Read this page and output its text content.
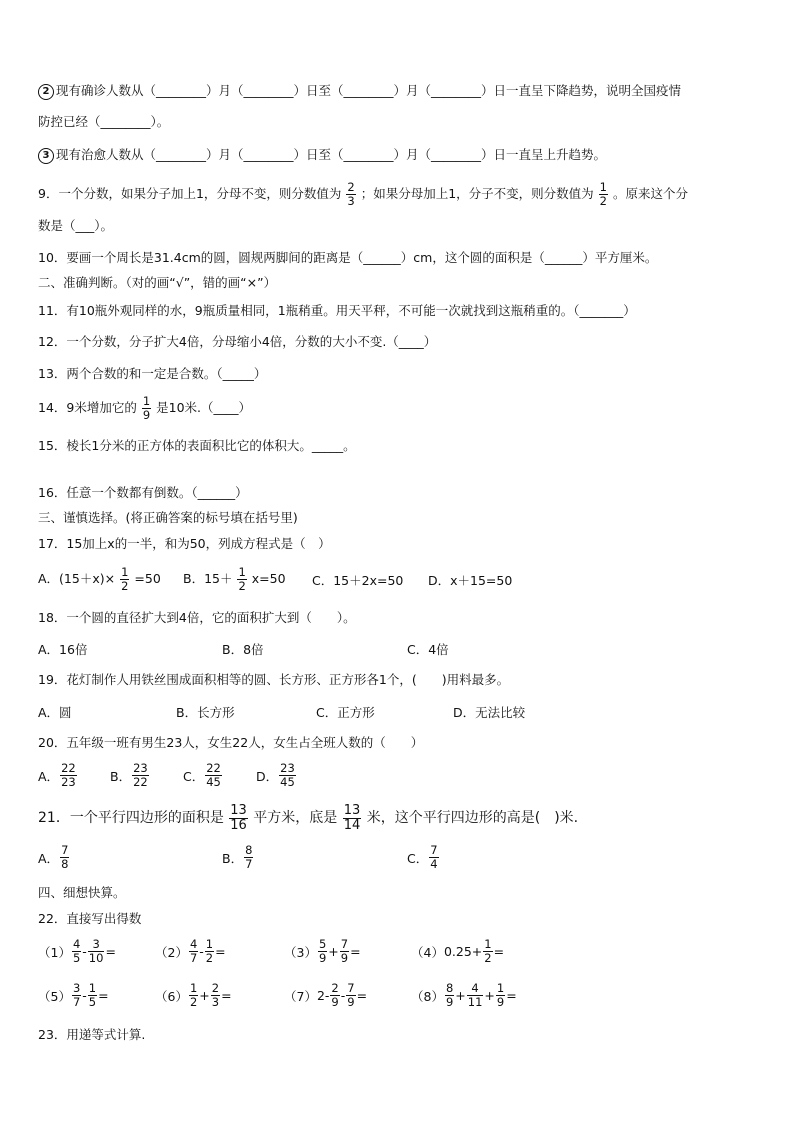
2 现有确诊人数从（________）月（________）日至（________）月（________）日一直呈下降趋势，说明全国疫情
防控已经（________）。
3 现有治愈人数从（________）月（________）日至（________）月（________）日一直呈上升趋势。
9．一个分数，如果分子加上1，分母不变，则分数值为 $\frac{2}{3}$ ；如果分母加上1，分子不变，则分数值为 $\frac{1}{2}$ 。原来这个分
数是（___）。
10．要画一个周长是31.4cm的圆，圆规两脚间的距离是（______）cm，这个圆的面积是（______）平方厘米。
二、准确判断。（对的画“√”，错的画“×”）
11．有10瓶外观同样的水，9瓶质量相同，1瓶稍重。用天平秤，不可能一次就找到这瓶稍重的。（_______）
12．一个分数，分子扩大4倍，分母缩小4倍，分数的大小不变.（____）
13．两个合数的和一定是合数。（_____）
14．9米增加它的 $\frac{1}{9}$ 是10米.（____）
15．棱长1分米的正方体的表面积比它的体积大。_____。
16．任意一个数都有倒数。（______）
三、谨慎选择。(将正确答案的标号填在括号里)
17．15加上x的一半，和为50，列成方程式是（　）
A．$(15+x)\times \frac{1}{2} =50$ B．$15+ \frac{1}{2} x=50$ C．15＋2x=50 D．x＋15=50
18．一个圆的直径扩大到4倍，它的面积扩大到（　　）。
A．16倍	B．8倍	C．4倍
19．花灯制作人用铁丝围成面积相等的圆、长方形、正方形各1个，(　　)用料最多。
A．圆	B．长方形	C．正方形	D．无法比较
20．五年级一班有男生23人，女生22人，女生占全班人数的（　　）
A． $\frac{22}{23}$	B． $\frac{23}{22}$	C． $\frac{22}{45}$	D． $\frac{23}{45}$
21．一个平行四边形的面积是 $\frac{13}{16}$ 平方米，底是 $\frac{13}{14}$ 米，这个平行四边形的高是(　)米.
A． $\frac{7}{8}$	B． $\frac{8}{7}$	C． $\frac{7}{4}$
四、细想快算。
22．直接写出得数
$(1) \frac{4}{5} - \frac{3}{10}$ =	$(2) \frac{4}{7} - \frac{1}{2}$ =	$(3) \frac{5}{9} + \frac{7}{9}$ =	（4） $0.25+ \frac{1}{2}$ =
$(5) \frac{3}{7} - \frac{1}{5}$ =	$(6) \frac{1}{2} + \frac{2}{3}$ =	（7） $2- \frac{2}{9} - \frac{7}{9}$ =	$(8) \frac{8}{9} + \frac{4}{11} + \frac{1}{9}$ =
23．用递等式计算.
